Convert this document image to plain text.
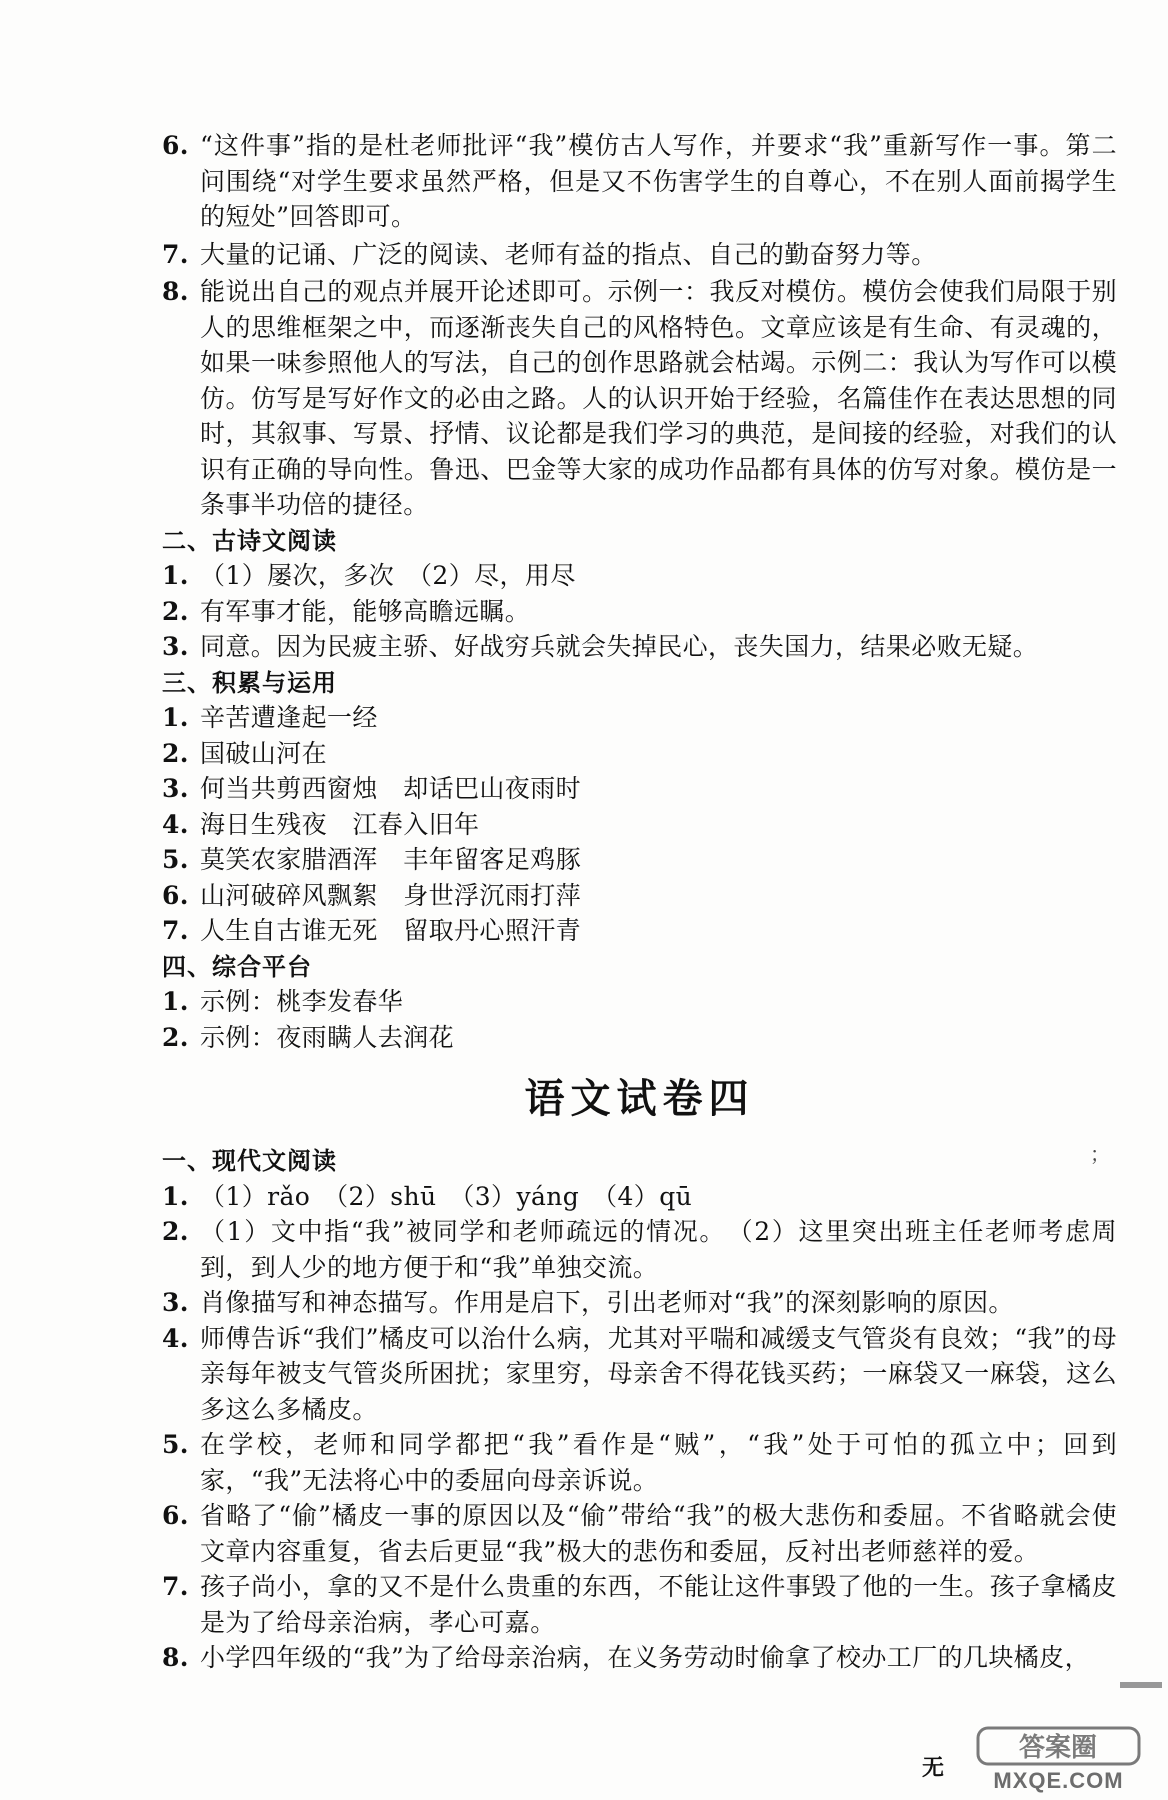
6. “这件事”指的是杜老师批评“我”模仿古人写作，并要求“我”重新写作一事。第二问围绕“对学生要求虽然严格，但是又不伤害学生的自尊心，不在别人面前揭学生的短处”回答即可。
7. 大量的记诵、广泛的阅读、老师有益的指点、自己的勤奋努力等。
8. 能说出自己的观点并展开论述即可。示例一：我反对模仿。模仿会使我们局限于别人的思维框架之中，而逐渐丧失自己的风格特色。文章应该是有生命、有灵魂的，如果一味参照他人的写法，自己的创作思路就会枯竭。示例二：我认为写作可以模仿。仿写是写好作文的必由之路。人的认识开始于经验，名篇佳作在表达思想的同时，其叙事、写景、抒情、议论都是我们学习的典范，是间接的经验，对我们的认识有正确的导向性。鲁迅、巴金等大家的成功作品都有具体的仿写对象。模仿是一条事半功倍的捷径。
二、古诗文阅读
1. （1）屡次，多次　（2）尽，用尽
2. 有军事才能，能够高瞻远瞩。
3. 同意。因为民疲主骄、好战穷兵就会失掉民心，丧失国力，结果必败无疑。
三、积累与运用
1. 辛苦遭逢起一经
2. 国破山河在
3. 何当共剪西窗烛　却话巴山夜雨时
4. 海日生残夜　江春入旧年
5. 莫笑农家腊酒浑　丰年留客足鸡豚
6. 山河破碎风飘絮　身世浮沉雨打萍
7. 人生自古谁无死　留取丹心照汗青
四、综合平台
1. 示例：桃李发春华
2. 示例：夜雨瞒人去润花
语文试卷四
一、现代文阅读
1. （1）rǎo　（2）shū　（3）yáng　（4）qū
2. （1）文中指“我”被同学和老师疏远的情况。　（2）这里突出班主任老师考虑周到，到人少的地方便于和“我”单独交流。
3. 肖像描写和神态描写。作用是启下，引出老师对“我”的深刻影响的原因。
4. 师傅告诉“我们”橘皮可以治什么病，尤其对平喘和减缓支气管炎有良效；“我”的母亲每年被支气管炎所困扰；家里穷，母亲舍不得花钱买药；一麻袋又一麻袋，这么多这么多橘皮。
5. 在学校，老师和同学都把“我”看作是“贼”，“我”处于可怕的孤立中；回到家，“我”无法将心中的委屈向母亲诉说。
6. 省略了“偷”橘皮一事的原因以及“偷”带给“我”的极大悲伤和委屈。不省略就会使文章内容重复，省去后更显“我”极大的悲伤和委屈，反衬出老师慈祥的爱。
7. 孩子尚小，拿的又不是什么贵重的东西，不能让这件事毁了他的一生。孩子拿橘皮是为了给母亲治病，孝心可嘉。
8. 小学四年级的“我”为了给母亲治病，在义务劳动时偷拿了校办工厂的几块橘皮，
；
无
答案圈
MXQE.COM
